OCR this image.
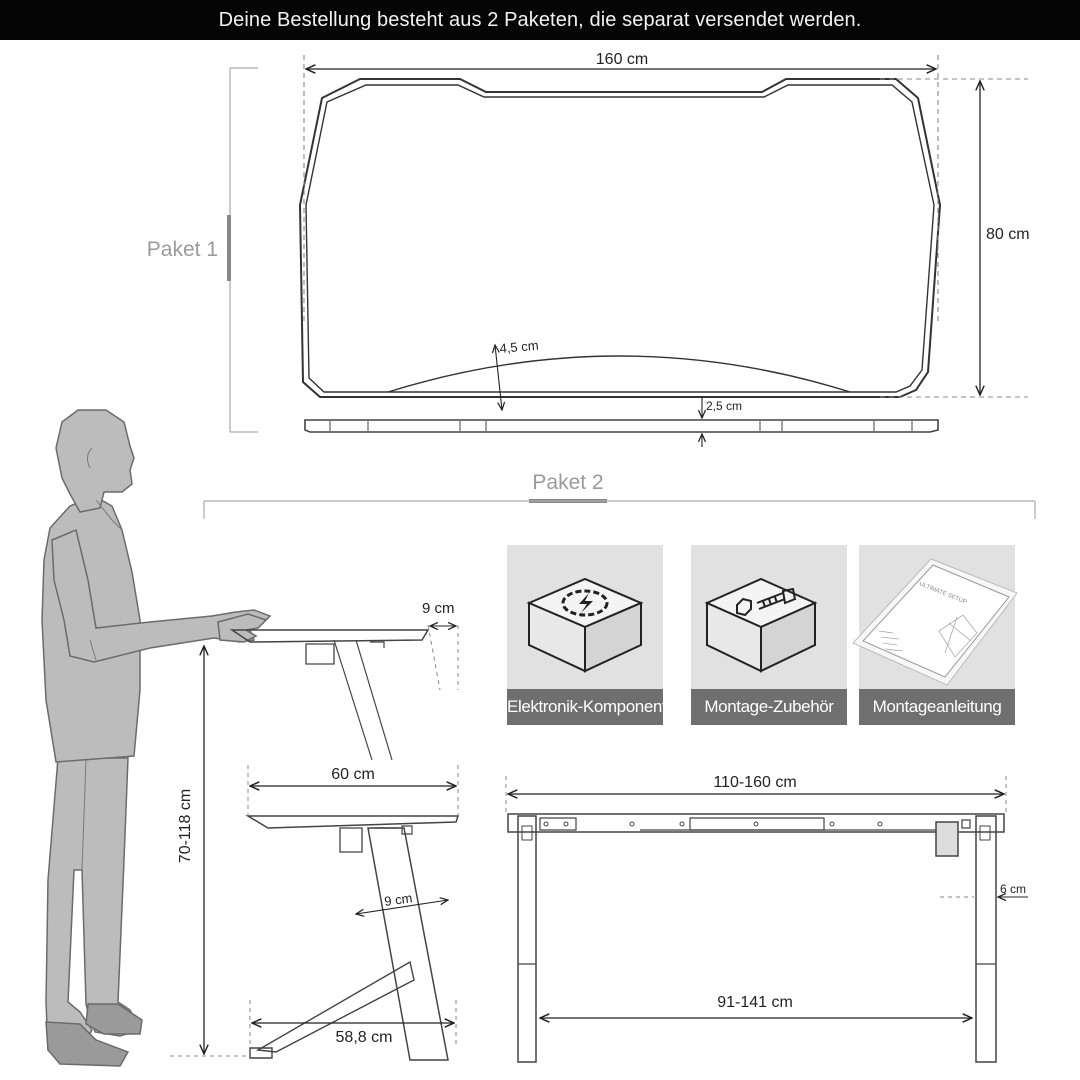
Deine Bestellung besteht aus 2 Paketen, die separat versendet werden.
Paket 1
160 cm
80 cm
4,5 cm
2,5 cm
Paket 2
9 cm
70-118 cm
60 cm
9 cm
58,8 cm
110-160 cm
6 cm
91-141 cm
Elektronik-Komponenten	Montage-Zubehör
ULTIMATE SETUP
Montageanleitung
